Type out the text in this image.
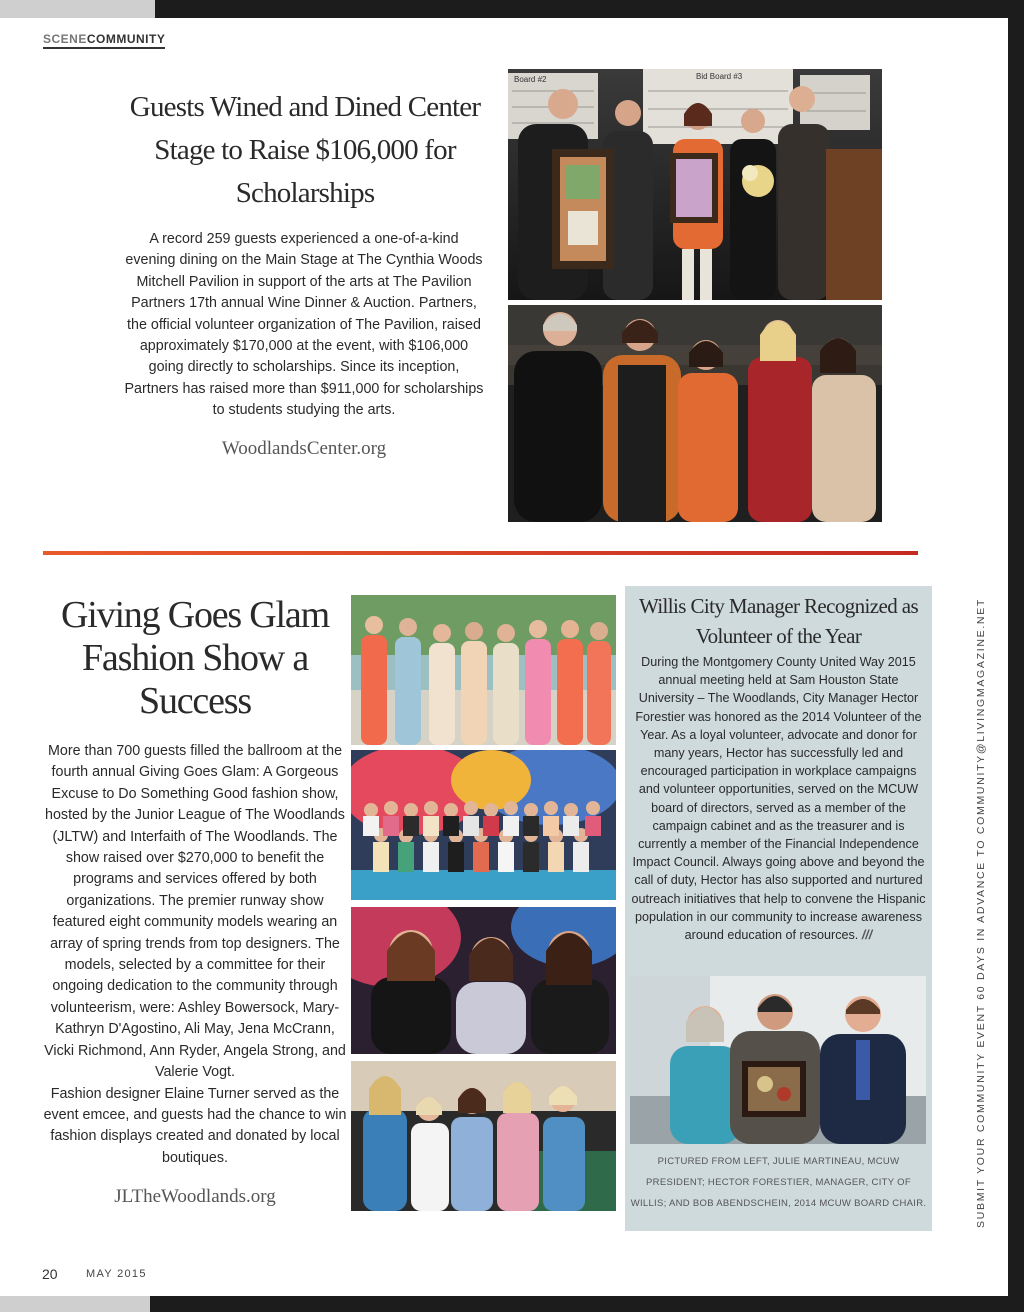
SCENECOMMUNITY
Guests Wined and Dined Center Stage to Raise $106,000 for Scholarships
A record 259 guests experienced a one-of-a-kind evening dining on the Main Stage at The Cynthia Woods Mitchell Pavilion in support of the arts at The Pavilion Partners 17th annual Wine Dinner & Auction. Partners, the official volunteer organization of The Pavilion, raised approximately $170,000 at the event, with $106,000 going directly to scholarships. Since its inception, Partners has raised more than $911,000 for scholarships to students studying the arts.
WoodlandsCenter.org
Board #2	Bid Board #3
Giving Goes Glam Fashion Show a Success
More than 700 guests filled the ballroom at the fourth annual Giving Goes Glam: A Gorgeous Excuse to Do Something Good fashion show, hosted by the Junior League of The Woodlands (JLTW) and Interfaith of The Woodlands. The show raised over $270,000 to benefit the programs and services offered by both organizations. The premier runway show featured eight community models wearing an array of spring trends from top designers. The models, selected by a committee for their ongoing dedication to the community through volunteerism, were: Ashley Bowersock, Mary-Kathryn D'Agostino, Ali May, Jena McCrann, Vicki Richmond, Ann Ryder, Angela Strong, and Valerie Vogt.
Fashion designer Elaine Turner served as the event emcee, and guests had the chance to win fashion displays created and donated by local boutiques.
JLTheWoodlands.org
Willis City Manager Recognized as Volunteer of the Year
During the Montgomery County United Way 2015 annual meeting held at Sam Houston State University – The Woodlands, City Manager Hector Forestier was honored as the 2014 Volunteer of the Year. As a loyal volunteer, advocate and donor for many years, Hector has successfully led and encouraged participation in workplace campaigns and volunteer opportunities, served on the MCUW board of directors, served as a member of the campaign cabinet and as the treasurer and is currently a member of the Financial Independence Impact Council. Always going above and beyond the call of duty, Hector has also supported and nurtured outreach initiatives that help to convene the Hispanic population in our community to increase awareness around education of resources. ///
PICTURED FROM LEFT, JULIE MARTINEAU, MCUW PRESIDENT; HECTOR FORESTIER, MANAGER, CITY OF WILLIS; AND BOB ABENDSCHEIN, 2014 MCUW BOARD CHAIR.	SUBMIT YOUR COMMUNITY EVENT 60 DAYS IN ADVANCE TO COMMUNITY@LIVINGMAGAZINE.NET
20	MAY 2015
